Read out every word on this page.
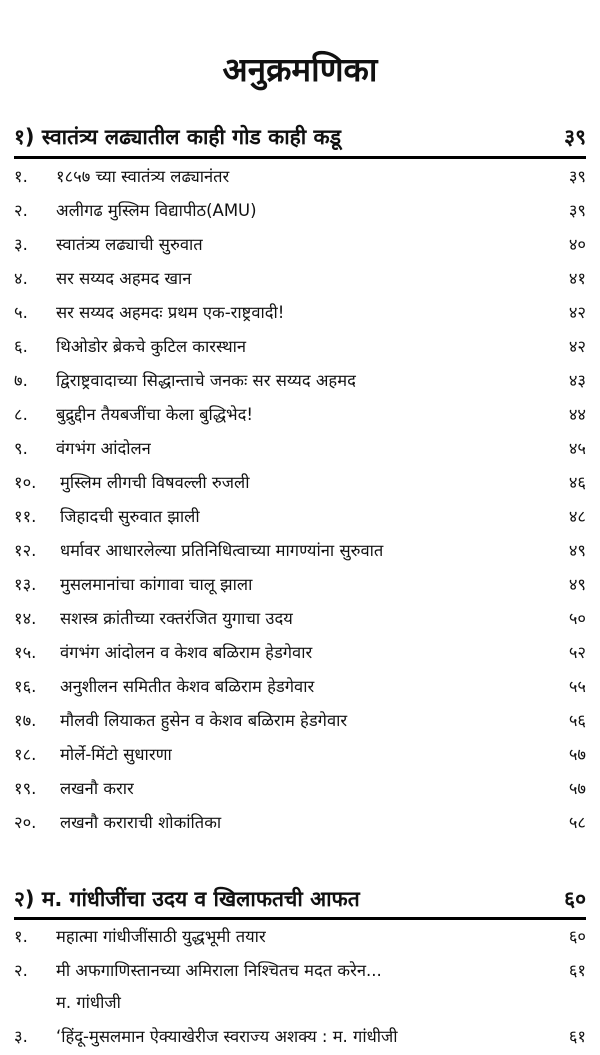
अनुक्रमणिका
१) स्वातंत्र्य लढ्यातील काही गोड काही कडू	३९
१. १८५७ च्या स्वातंत्र्य लढ्यानंतर	३९
२. अलीगढ मुस्लिम विद्यापीठ(AMU)	३९
३. स्वातंत्र्य लढ्याची सुरुवात	४०
४. सर सय्यद अहमद खान	४१
५. सर सय्यद अहमदः प्रथम एक-राष्ट्रवादी!	४२
६. थिओडोर ब्रेकचे कुटिल कारस्थान	४२
७. द्विराष्ट्रवादाच्या सिद्धान्ताचे जनकः सर सय्यद अहमद	४३
८. बुद्रुद्दीन तैयबजींचा केला बुद्धिभेद!	४४
९. वंगभंग आंदोलन	४५
१०. मुस्लिम लीगची विषवल्ली रुजली	४६
११. जिहादची सुरुवात झाली	४८
१२. धर्मावर आधारलेल्या प्रतिनिधित्वाच्या मागण्यांना सुरुवात	४९
१३. मुसलमानांचा कांगावा चालू झाला	४९
१४. सशस्त्र क्रांतीच्या रक्तरंजित युगाचा उदय	५०
१५. वंगभंग आंदोलन व केशव बळिराम हेडगेवार	५२
१६. अनुशीलन समितीत केशव बळिराम हेडगेवार	५५
१७. मौलवी लियाकत हुसेन व केशव बळिराम हेडगेवार	५६
१८. मोर्ले-मिंटो सुधारणा	५७
१९. लखनौ करार	५७
२०. लखनौ कराराची शोकांतिका	५८
२) म. गांधीजींचा उदय व खिलाफतची आफत	६०
१. महात्मा गांधीजींसाठी युद्धभूमी तयार	६०
२. मी अफगाणिस्तानच्या अमिराला निश्चितच मदत करेन...	६१
म. गांधीजी
३. ‘हिंदू-मुसलमान ऐक्याखेरीज स्वराज्य अशक्य : म. गांधीजी	६१
